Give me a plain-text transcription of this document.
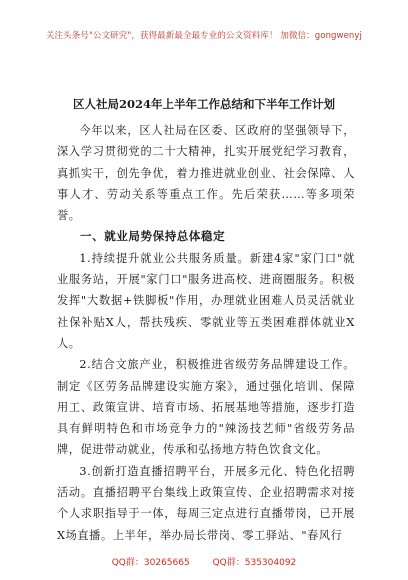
关注头条号"公文研究"，获得最新最全最专业的公文资料库！ 加微信：gongwenyj
区人社局2024年上半年工作总结和下半年工作计划

今年以来，区人社局在区委、区政府的坚强领导下，深入学习贯彻党的二十大精神，扎实开展党纪学习教育，真抓实干，创先争优，着力推进就业创业、社会保障、人事人才、劳动关系等重点工作。先后荣获……等多项荣誉。

一、就业局势保持总体稳定

1.持续提升就业公共服务质量。新建4家"家门口"就业服务站，开展"家门口"服务进高校、进商圈服务。积极发挥"大数据+铁脚板"作用，办理就业困难人员灵活就业社保补贴X人，帮扶残疾、零就业等五类困难群体就业X人。

2.结合文旅产业，积极推进省级劳务品牌建设工作。制定《区劳务品牌建设实施方案》，通过强化培训、保障用工、政策宣讲、培育市场、拓展基地等措施，逐步打造具有鲜明特色和市场竞争力的"辣汤技艺师"省级劳务品牌，促进带动就业，传承和弘扬地方特色饮食文化。

3.创新打造直播招聘平台，开展多元化、特色化招聘活动。直播招聘平台集线上政策宣传、企业招聘需求对接个人求职指导于一体，每周三定点进行直播带岗，已开展X场直播。上半年，举办局长带岗、零工驿站、"春风行

QQ群：30265665	QQ群：535304092
